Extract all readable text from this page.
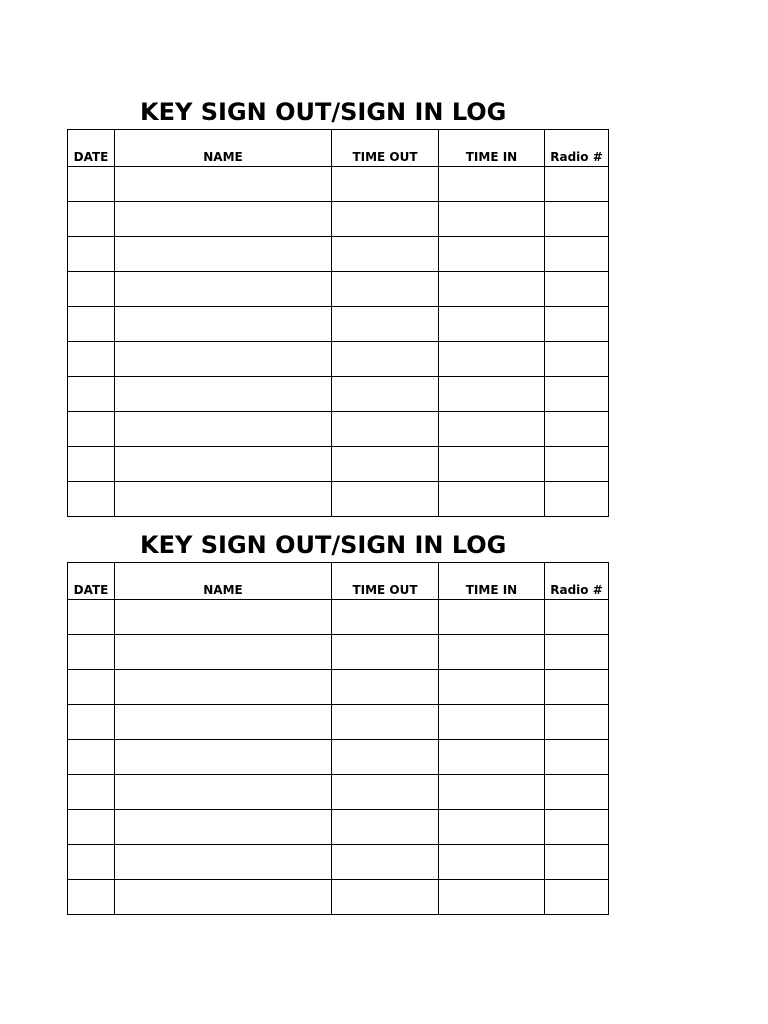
KEY SIGN OUT/SIGN IN LOG
DATE	NAME	TIME OUT	TIME IN	Radio #

KEY SIGN OUT/SIGN IN LOG
DATE	NAME	TIME OUT	TIME IN	Radio #
